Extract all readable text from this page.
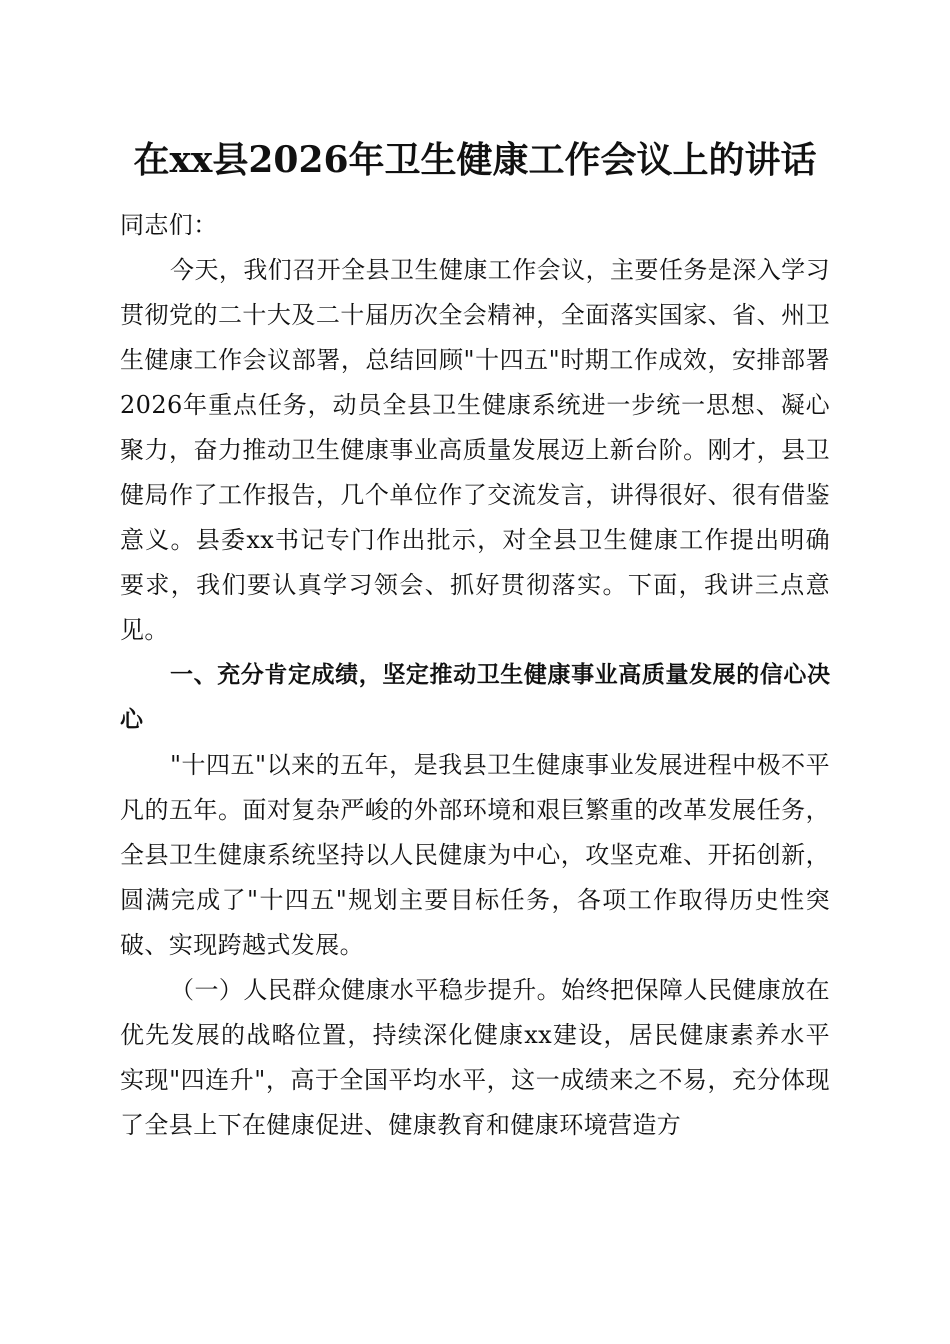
在xx县2026年卫生健康工作会议上的讲话

同志们：

今天，我们召开全县卫生健康工作会议，主要任务是深入学习贯彻党的二十大及二十届历次全会精神，全面落实国家、省、州卫生健康工作会议部署，总结回顾"十四五"时期工作成效，安排部署2026年重点任务，动员全县卫生健康系统进一步统一思想、凝心聚力，奋力推动卫生健康事业高质量发展迈上新台阶。刚才，县卫健局作了工作报告，几个单位作了交流发言，讲得很好、很有借鉴意义。县委xx书记专门作出批示，对全县卫生健康工作提出明确要求，我们要认真学习领会、抓好贯彻落实。下面，我讲三点意见。

一、充分肯定成绩，坚定推动卫生健康事业高质量发展的信心决心

"十四五"以来的五年，是我县卫生健康事业发展进程中极不平凡的五年。面对复杂严峻的外部环境和艰巨繁重的改革发展任务，全县卫生健康系统坚持以人民健康为中心，攻坚克难、开拓创新，圆满完成了"十四五"规划主要目标任务，各项工作取得历史性突破、实现跨越式发展。

（一）人民群众健康水平稳步提升。始终把保障人民健康放在优先发展的战略位置，持续深化健康xx建设，居民健康素养水平实现"四连升"，高于全国平均水平，这一成绩来之不易，充分体现了全县上下在健康促进、健康教育和健康环境营造方
